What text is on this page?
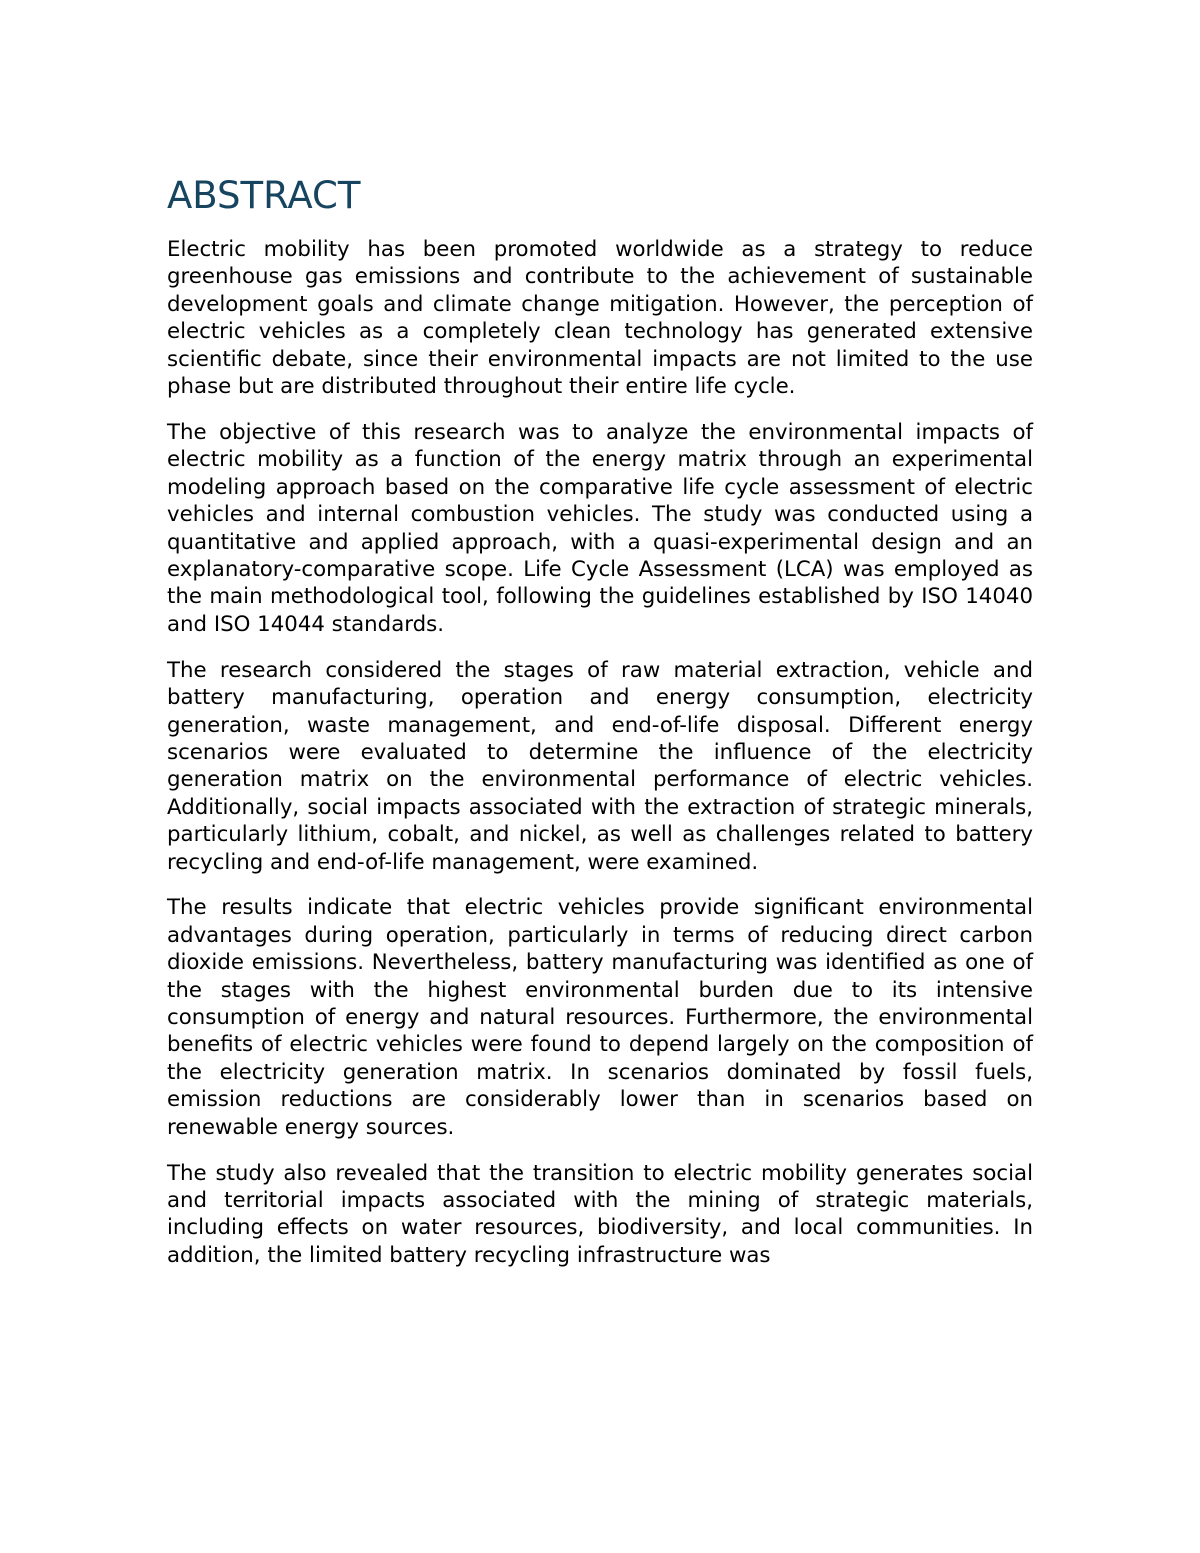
ABSTRACT

Electric mobility has been promoted worldwide as a strategy to reduce greenhouse gas emissions and contribute to the achievement of sustainable development goals and climate change mitigation. However, the perception of electric vehicles as a completely clean technology has generated extensive scientific debate, since their environmental impacts are not limited to the use phase but are distributed throughout their entire life cycle.

The objective of this research was to analyze the environmental impacts of electric mobility as a function of the energy matrix through an experimental modeling approach based on the comparative life cycle assessment of electric vehicles and internal combustion vehicles. The study was conducted using a quantitative and applied approach, with a quasi-experimental design and an explanatory-comparative scope. Life Cycle Assessment (LCA) was employed as the main methodological tool, following the guidelines established by ISO 14040 and ISO 14044 standards.

The research considered the stages of raw material extraction, vehicle and battery manufacturing, operation and energy consumption, electricity generation, waste management, and end-of-life disposal. Different energy scenarios were evaluated to determine the influence of the electricity generation matrix on the environmental performance of electric vehicles. Additionally, social impacts associated with the extraction of strategic minerals, particularly lithium, cobalt, and nickel, as well as challenges related to battery recycling and end-of-life management, were examined.

The results indicate that electric vehicles provide significant environmental advantages during operation, particularly in terms of reducing direct carbon dioxide emissions. Nevertheless, battery manufacturing was identified as one of the stages with the highest environmental burden due to its intensive consumption of energy and natural resources. Furthermore, the environmental benefits of electric vehicles were found to depend largely on the composition of the electricity generation matrix. In scenarios dominated by fossil fuels, emission reductions are considerably lower than in scenarios based on renewable energy sources.

The study also revealed that the transition to electric mobility generates social and territorial impacts associated with the mining of strategic materials, including effects on water resources, biodiversity, and local communities. In addition, the limited battery recycling infrastructure was
